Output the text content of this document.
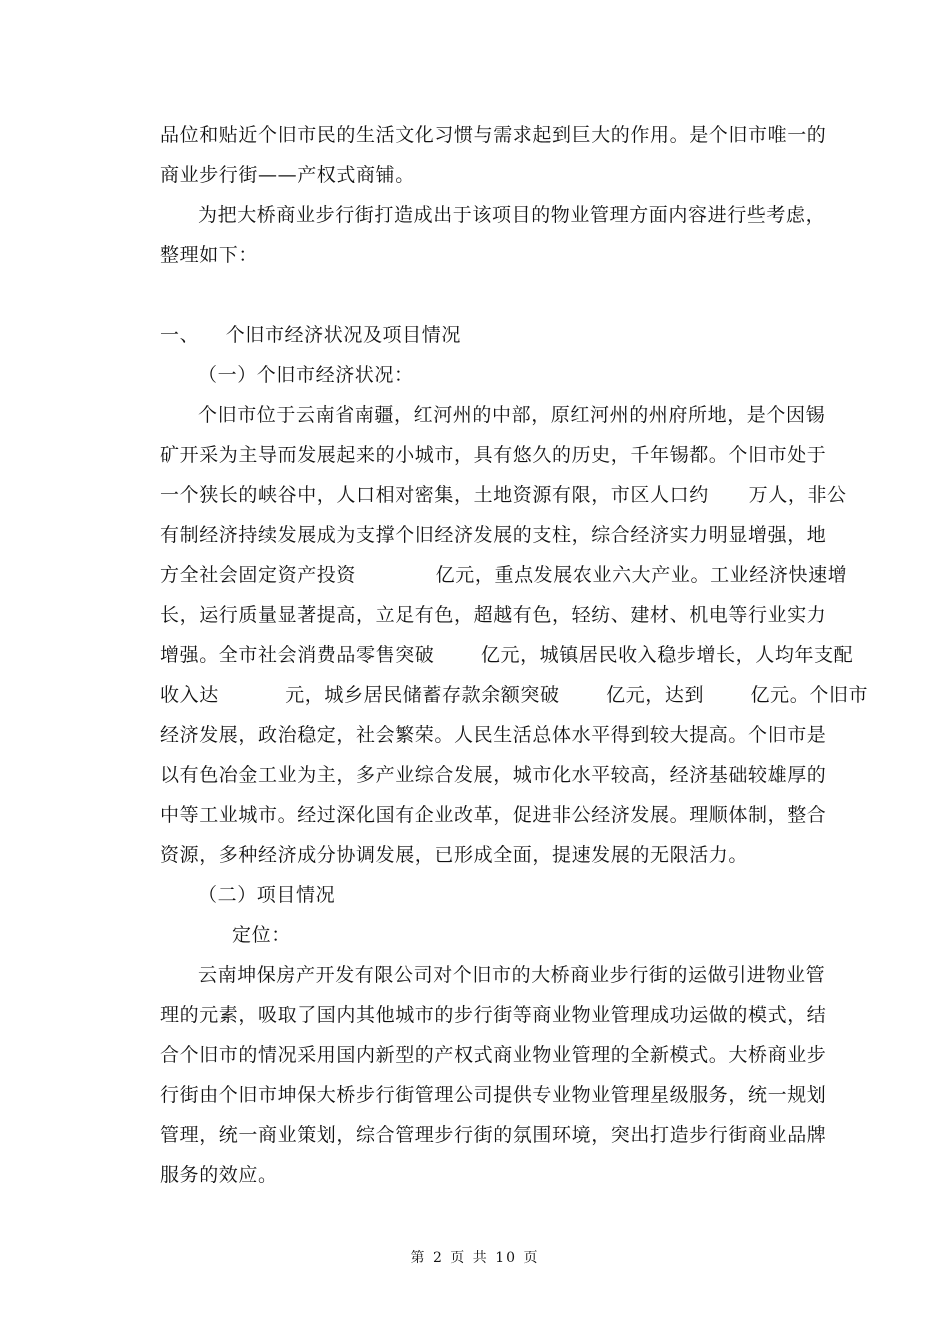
品位和贴近个旧市民的生活文化习惯与需求起到巨大的作用。是个旧市唯一的
商业步行街——产权式商铺。
为把大桥商业步行街打造成出于该项目的物业管理方面内容进行些考虑，
整理如下：
一、    个旧市经济状况及项目情况
（一）个旧市经济状况：
个旧市位于云南省南疆，红河州的中部，原红河州的州府所地，是个因锡
矿开采为主导而发展起来的小城市，具有悠久的历史，千年锡都。个旧市处于
一个狭长的峡谷中，人口相对密集，土地资源有限，市区人口约      万人，非公
有制经济持续发展成为支撑个旧经济发展的支柱，综合经济实力明显增强，地
方全社会固定资产投资            亿元，重点发展农业六大产业。工业经济快速增
长，运行质量显著提高，立足有色，超越有色，轻纺、建材、机电等行业实力
增强。全市社会消费品零售突破       亿元，城镇居民收入稳步增长，人均年支配
收入达          元，城乡居民储蓄存款余额突破       亿元，达到       亿元。个旧市
经济发展，政治稳定，社会繁荣。人民生活总体水平得到较大提高。个旧市是
以有色冶金工业为主，多产业综合发展，城市化水平较高，经济基础较雄厚的
中等工业城市。经过深化国有企业改革，促进非公经济发展。理顺体制，整合
资源，多种经济成分协调发展，已形成全面，提速发展的无限活力。
（二）项目情况
定位：
云南坤保房产开发有限公司对个旧市的大桥商业步行街的运做引进物业管
理的元素，吸取了国内其他城市的步行街等商业物业管理成功运做的模式，结
合个旧市的情况采用国内新型的产权式商业物业管理的全新模式。大桥商业步
行街由个旧市坤保大桥步行街管理公司提供专业物业管理星级服务，统一规划
管理，统一商业策划，综合管理步行街的氛围环境，突出打造步行街商业品牌
服务的效应。
第 2 页 共 10 页
